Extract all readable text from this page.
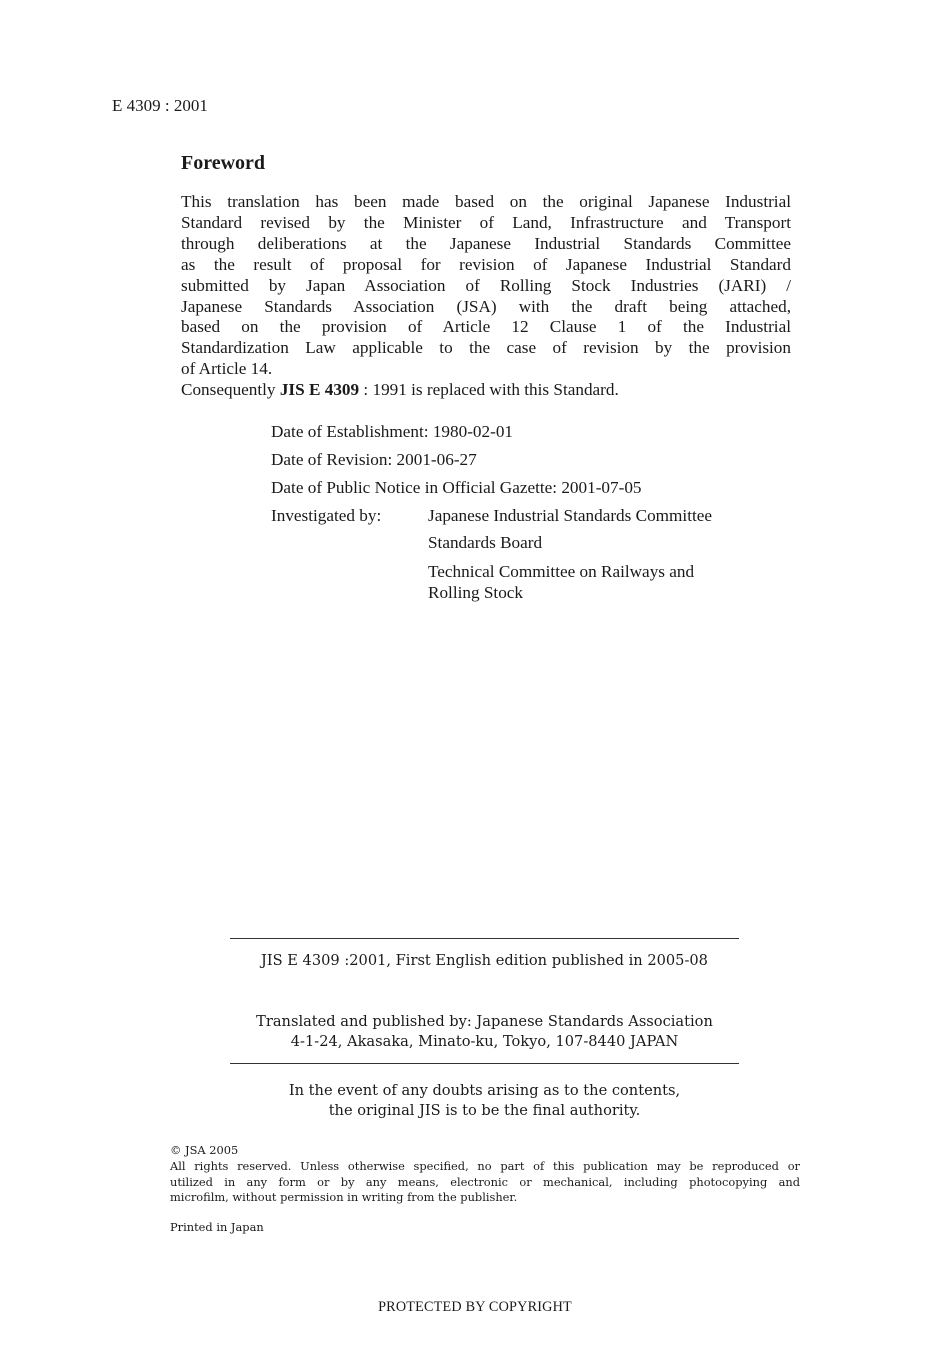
E 4309 : 2001
Foreword
This translation has been made based on the original Japanese Industrial
Standard revised by the Minister of Land, Infrastructure and Transport
through deliberations at the Japanese Industrial Standards Committee
as the result of proposal for revision of Japanese Industrial Standard
submitted by Japan Association of Rolling Stock Industries (JARI) /
Japanese Standards Association (JSA) with the draft being attached,
based on the provision of Article 12 Clause 1 of the Industrial
Standardization Law applicable to the case of revision by the provision
of Article 14.
Consequently JIS E 4309 : 1991 is replaced with this Standard.
Date of Establishment: 1980-02-01
Date of Revision: 2001-06-27
Date of Public Notice in Official Gazette: 2001-07-05
Investigated by:	Japanese Industrial Standards Committee
Standards Board
Technical Committee on Railways and
Rolling Stock
JIS E 4309 :2001, First English edition published in 2005-08
Translated and published by: Japanese Standards Association
4-1-24, Akasaka, Minato-ku, Tokyo, 107-8440 JAPAN
In the event of any doubts arising as to the contents,
the original JIS is to be the final authority.
© JSA 2005
All rights reserved. Unless otherwise specified, no part of this publication may be reproduced or
utilized in any form or by any means, electronic or mechanical, including photocopying and
microfilm, without permission in writing from the publisher.
Printed in Japan
PROTECTED BY COPYRIGHT
